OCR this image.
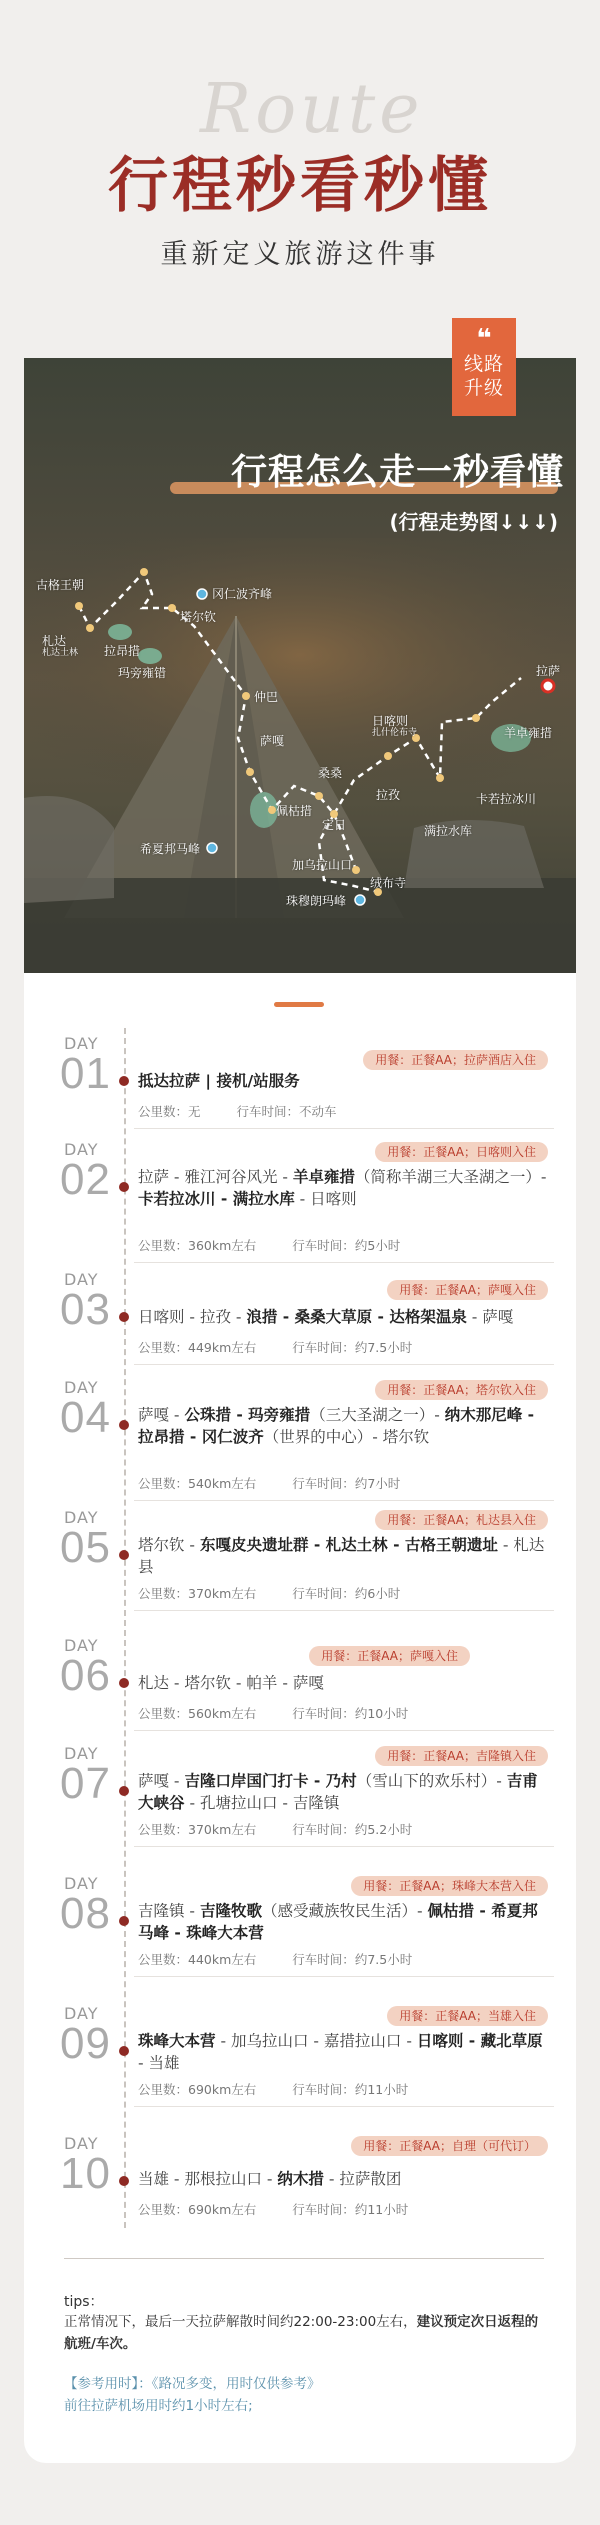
Route
行程秒看秒懂
重新定义旅游这件事
❝
线路
升级
行程怎么走一秒看懂
(行程走势图↓↓↓)
古格王朝
札达
札达土林 拉昂措
玛旁雍错
冈仁波齐峰
塔尔钦
仲巴
萨嘎
佩枯措
桑桑
定日
加乌拉山口
希夏邦马峰
珠穆朗玛峰
绒布寺
拉孜
日喀则
扎什伦布寺	羊卓雍措
卡若拉冰川
满拉水库
拉萨
DAY
01	用餐：正餐AA；拉萨酒店入住
抵达拉萨 | 接机/站服务
公里数：无	行车时间：不动车
DAY
02
用餐：正餐AA；日喀则入住
拉萨 - 雅江河谷风光 - 羊卓雍措（简称羊湖三大圣湖之一）- 卡若拉冰川 - 满拉水库 - 日喀则
公里数：360km左右	行车时间：约5小时
DAY
03	用餐：正餐AA；萨嘎入住
日喀则 - 拉孜 - 浪措 - 桑桑大草原 - 达格架温泉 - 萨嘎
公里数：449km左右	行车时间：约7.5小时
DAY
04
用餐：正餐AA；塔尔钦入住
萨嘎 - 公珠措 - 玛旁雍措（三大圣湖之一）- 纳木那尼峰 - 拉昂措 - 冈仁波齐（世界的中心）- 塔尔钦
公里数：540km左右	行车时间：约7小时
DAY
05
用餐：正餐AA；札达县入住
塔尔钦 - 东嘎皮央遗址群 - 札达土林 - 古格王朝遗址 - 札达县
公里数：370km左右	行车时间：约6小时
DAY
06	用餐：正餐AA；萨嘎入住
札达 - 塔尔钦 - 帕羊 - 萨嘎
公里数：560km左右	行车时间：约10小时
DAY
07
用餐：正餐AA；吉隆镇入住
萨嘎 - 吉隆口岸国门打卡 - 乃村（雪山下的欢乐村）- 吉甫大峡谷 - 孔塘拉山口 - 吉隆镇
公里数：370km左右	行车时间：约5.2小时
DAY
08
用餐：正餐AA；珠峰大本营入住
吉隆镇 - 吉隆牧歌（感受藏族牧民生活）- 佩枯措 - 希夏邦马峰 - 珠峰大本营
公里数：440km左右	行车时间：约7.5小时
DAY
09
用餐：正餐AA；当雄入住
珠峰大本营 - 加乌拉山口 - 嘉措拉山口 - 日喀则 - 藏北草原 - 当雄
公里数：690km左右	行车时间：约11小时
DAY
10
用餐：正餐AA；自理（可代订）
当雄 - 那根拉山口 - 纳木措 - 拉萨散团
公里数：690km左右	行车时间：约11小时
tips：
正常情况下，最后一天拉萨解散时间约22:00-23:00左右，建议预定次日返程的航班/车次。
【参考用时】：《路况多变，用时仅供参考》
前往拉萨机场用时约1小时左右;
